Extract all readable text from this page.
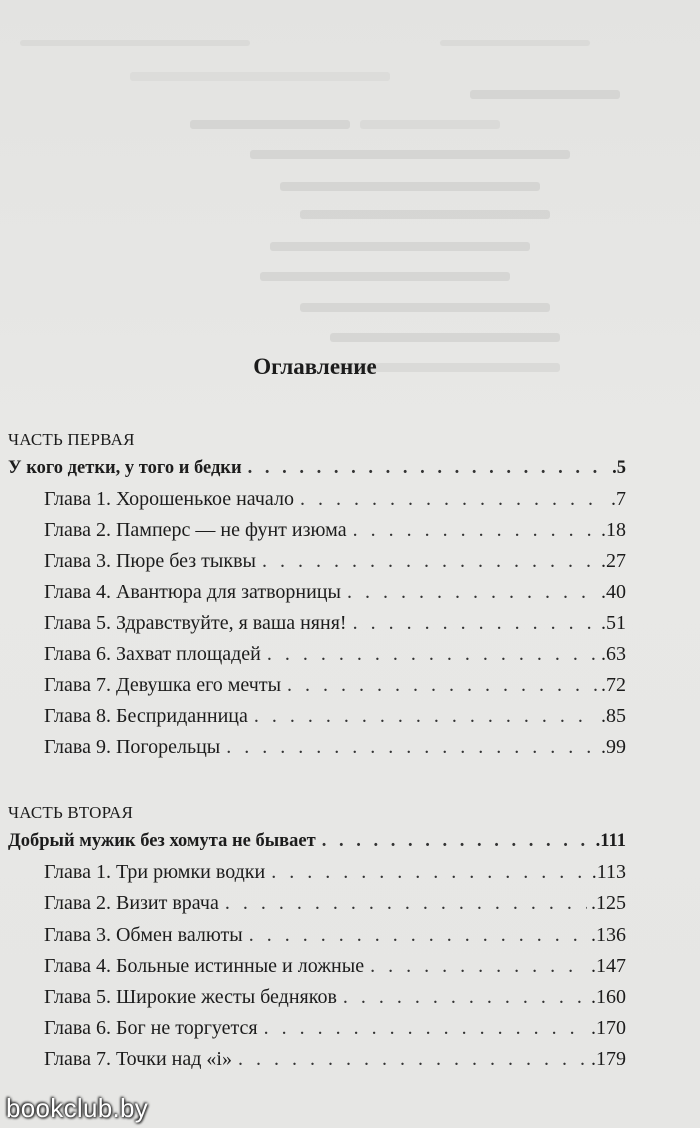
Оглавление
ЧАСТЬ ПЕРВАЯ
У кого детки, у того и бедки . . .	.5
Глава 1. Хорошенькое начало . . .	.7
Глава 2. Памперс — не фунт изюма . . .	.18
Глава 3. Пюре без тыквы . . .	.27
Глава 4. Авантюра для затворницы . . .	.40
Глава 5. Здравствуйте, я ваша няня! . . .	.51
Глава 6. Захват площадей . . .	.63
Глава 7. Девушка его мечты . . .	.72
Глава 8. Бесприданница . . .	.85
Глава 9. Погорельцы . . .	.99
ЧАСТЬ ВТОРАЯ
Добрый мужик без хомута не бывает . . .	.111
Глава 1. Три рюмки водки . . .	.113
Глава 2. Визит врача . . .	.125
Глава 3. Обмен валюты . . .	.136
Глава 4. Больные истинные и ложные . . .	.147
Глава 5. Широкие жесты бедняков . . .	.160
Глава 6. Бог не торгуется . . .	.170
Глава 7. Точки над «і» . . .	.179
bookclub.by
